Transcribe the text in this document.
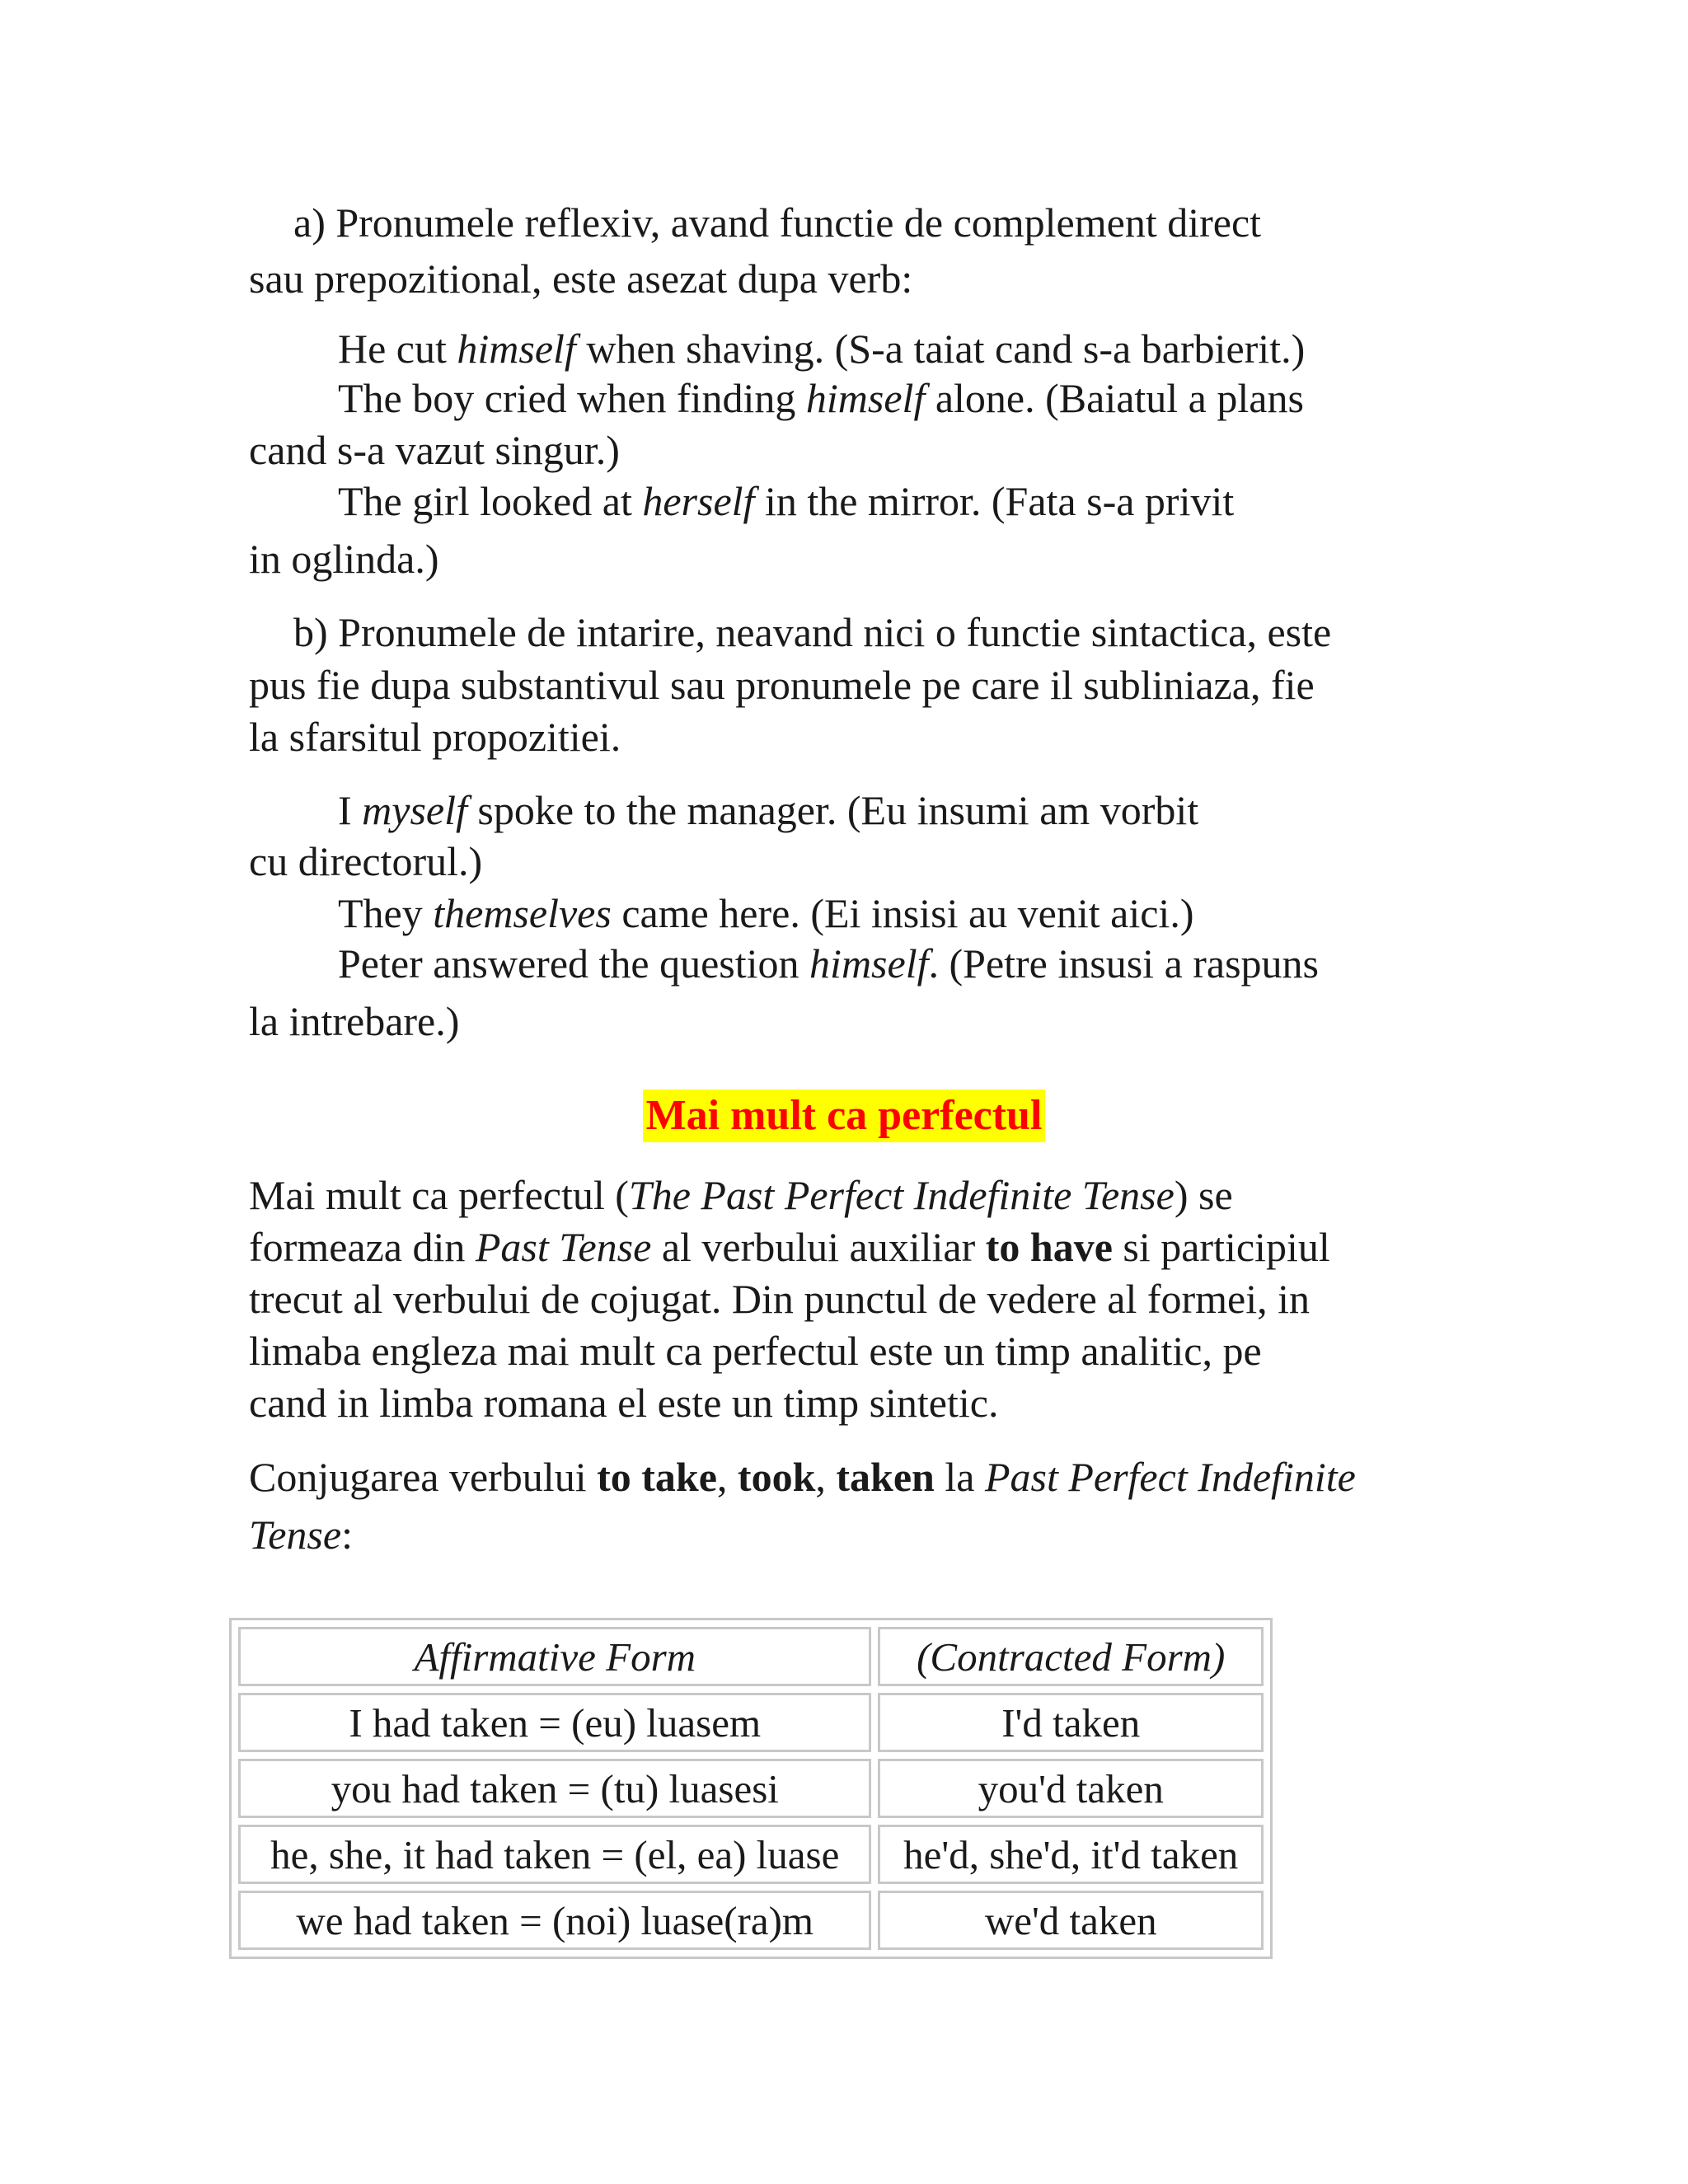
a) Pronumele reflexiv, avand functie de complement direct
sau prepozitional, este asezat dupa verb:
He cut himself when shaving. (S-a taiat cand s-a barbierit.)
The boy cried when finding himself alone. (Baiatul a plans
cand s-a vazut singur.)
The girl looked at herself in the mirror. (Fata s-a privit
in oglinda.)
b) Pronumele de intarire, neavand nici o functie sintactica, este
pus fie dupa substantivul sau pronumele pe care il subliniaza, fie
la sfarsitul propozitiei.
I myself spoke to the manager. (Eu insumi am vorbit
cu directorul.)
They themselves came here. (Ei insisi au venit aici.)
Peter answered the question himself. (Petre insusi a raspuns
la intrebare.)
Mai mult ca perfectul
Mai mult ca perfectul (The Past Perfect Indefinite Tense) se
formeaza din Past Tense al verbului auxiliar to have si participiul
trecut al verbului de cojugat. Din punctul de vedere al formei, in
limaba engleza mai mult ca perfectul este un timp analitic, pe
cand in limba romana el este un timp sintetic.
Conjugarea verbului to take, took, taken la Past Perfect Indefinite
Tense:
Affirmative Form	(Contracted Form)
I had taken = (eu) luasem	I'd taken
you had taken = (tu) luasesi	you'd taken
he, she, it had taken = (el, ea) luase	he'd, she'd, it'd taken
we had taken = (noi) luase(ra)m	we'd taken
